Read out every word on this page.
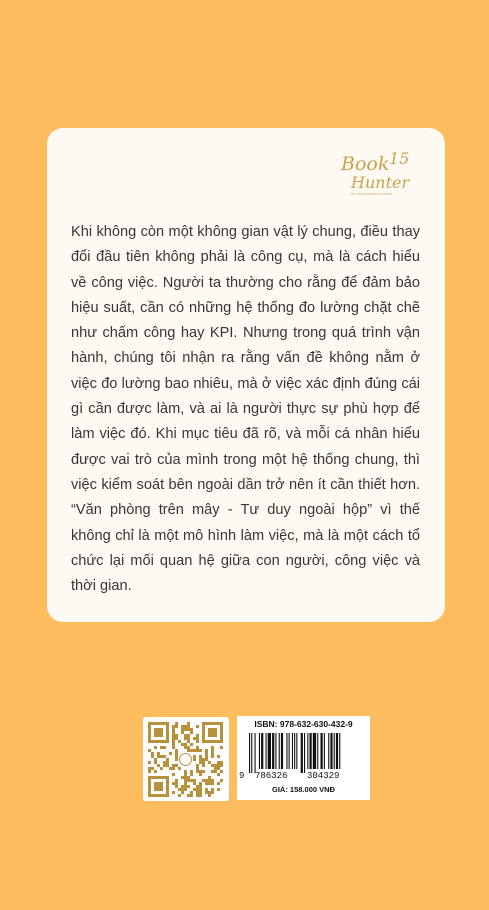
Book 15
Hunter
BE A BOOK HUNTER TOGETHER

Khi không còn một không gian vật lý chung, điều thay đổi đầu tiên không phải là công cụ, mà là cách hiểu về công việc. Người ta thường cho rằng để đảm bảo hiệu suất, cần có những hệ thống đo lường chặt chẽ như chấm công hay KPI. Nhưng trong quá trình vận hành, chúng tôi nhận ra rằng vấn đề không nằm ở việc đo lường bao nhiêu, mà ở việc xác định đúng cái gì cần được làm, và ai là người thực sự phù hợp để làm việc đó. Khi mục tiêu đã rõ, và mỗi cá nhân hiểu được vai trò của mình trong một hệ thống chung, thì việc kiểm soát bên ngoài dần trở nên ít cần thiết hơn. “Văn phòng trên mây - Tư duy ngoài hộp” vì thế không chỉ là một mô hình làm việc, mà là một cách tổ chức lại mối quan hệ giữa con người, công việc và thời gian.

ISBN: 978-632-630-432-9
9 786326 304329
GIÁ: 158.000 VNĐ
